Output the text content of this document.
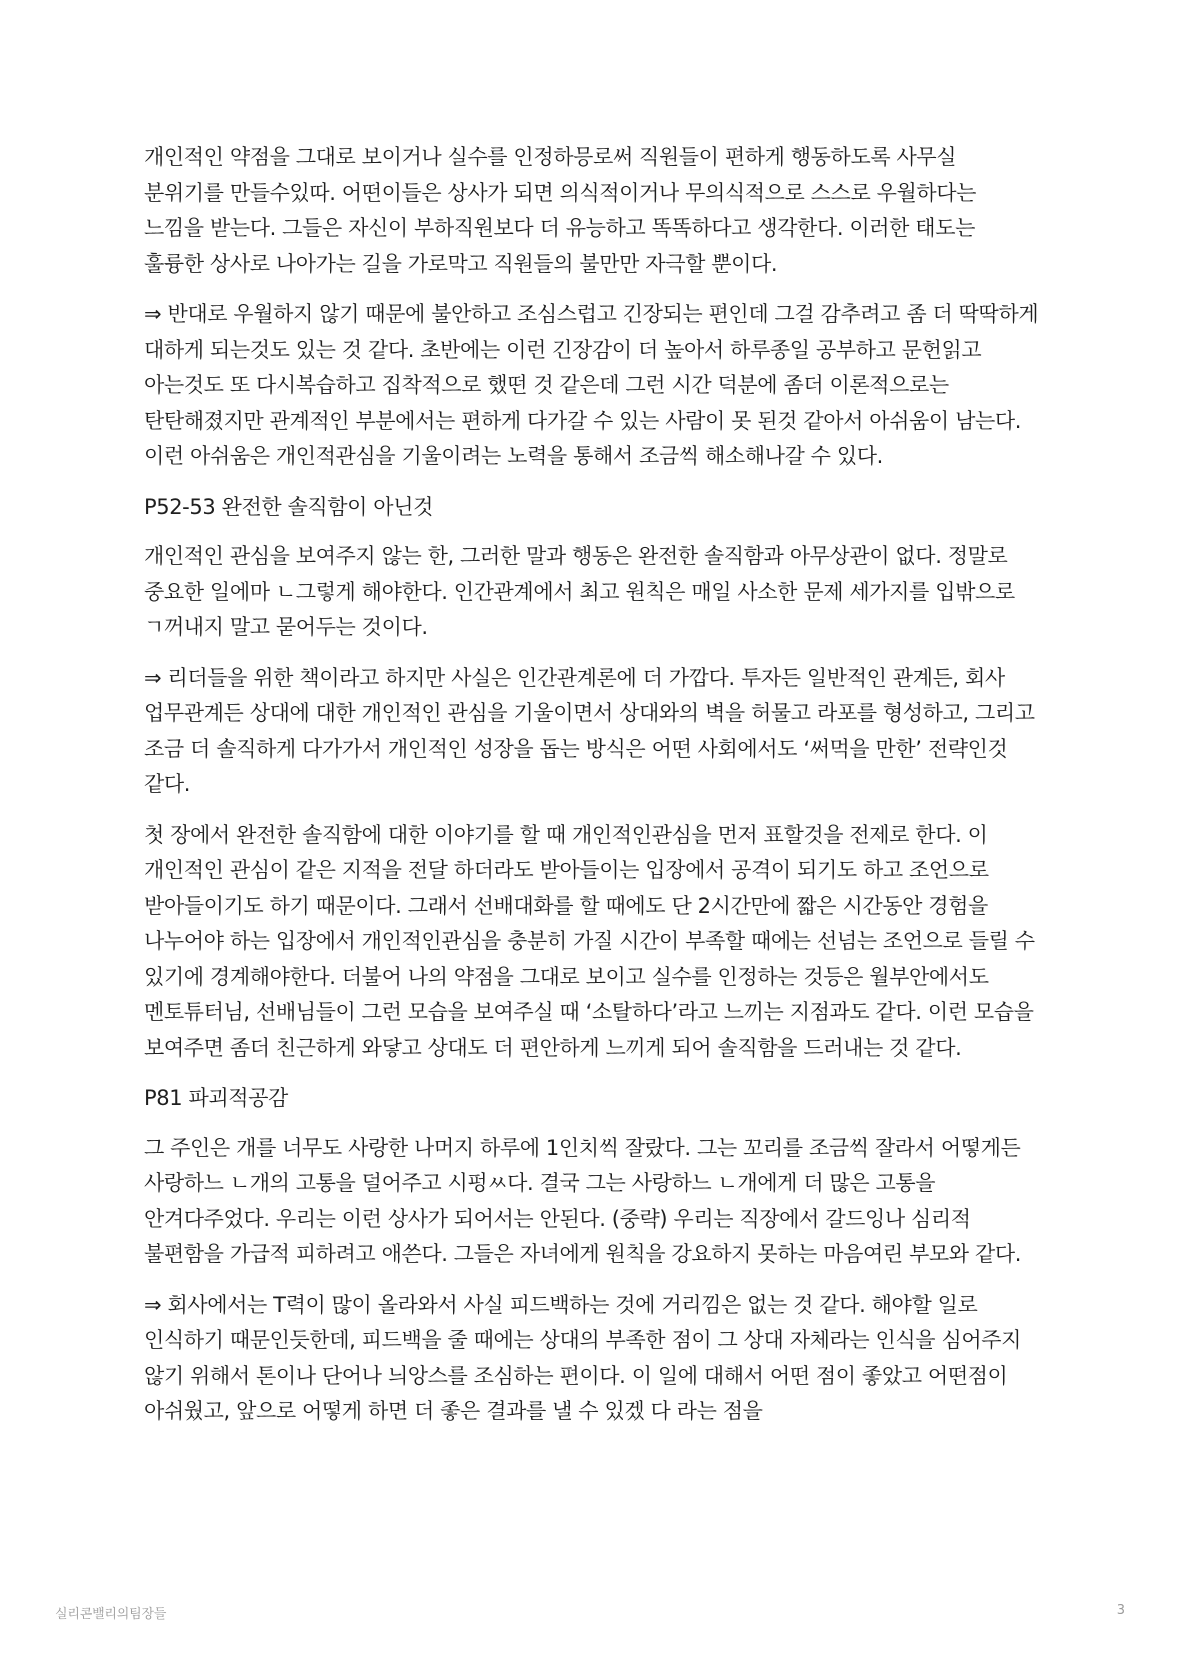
개인적인 약점을 그대로 보이거나 실수를 인정하믕로써 직원들이 편하게 행동하도록 사무실 분위기를 만들수있따. 어떤이들은 상사가 되면 의식적이거나 무의식적으로 스스로 우월하다는 느낌을 받는다. 그들은 자신이 부하직원보다 더 유능하고 똑똑하다고 생각한다. 이러한 태도는 훌륭한 상사로 나아가는 길을 가로막고 직원들의 불만만 자극할 뿐이다.

⇒ 반대로 우월하지 않기 때문에 불안하고 조심스럽고 긴장되는 편인데 그걸 감추려고 좀 더 딱딱하게 대하게 되는것도 있는 것 같다. 초반에는 이런 긴장감이 더 높아서 하루종일 공부하고 문헌읽고 아는것도 또 다시복습하고 집착적으로 했떤 것 같은데 그런 시간 덕분에 좀더 이론적으로는 탄탄해졌지만 관계적인 부분에서는 편하게 다가갈 수 있는 사람이 못 된것 같아서 아쉬움이 남는다. 이런 아쉬움은 개인적관심을 기울이려는 노력을 통해서 조금씩 해소해나갈 수 있다.

P52-53 완전한 솔직함이 아닌것

개인적인 관심을 보여주지 않는 한, 그러한 말과 행동은 완전한 솔직함과 아무상관이 없다. 정말로 중요한 일에마 ㄴ그렇게 해야한다. 인간관계에서 최고 원칙은 매일 사소한 문제 세가지를 입밖으로 ㄱ꺼내지 말고 묻어두는 것이다.

⇒ 리더들을 위한 책이라고 하지만 사실은 인간관계론에 더 가깝다. 투자든 일반적인 관계든, 회사 업무관계든 상대에 대한 개인적인 관심을 기울이면서 상대와의 벽을 허물고 라포를 형성하고, 그리고 조금 더 솔직하게 다가가서 개인적인 성장을 돕는 방식은 어떤 사회에서도 ‘써먹을 만한’ 전략인것 같다.

첫 장에서 완전한 솔직함에 대한 이야기를 할 때 개인적인관심을 먼저 표할것을 전제로 한다. 이 개인적인 관심이 같은 지적을 전달 하더라도 받아들이는 입장에서 공격이 되기도 하고 조언으로 받아들이기도 하기 때문이다. 그래서 선배대화를 할 때에도 단 2시간만에 짧은 시간동안 경험을 나누어야 하는 입장에서 개인적인관심을 충분히 가질 시간이 부족할 때에는 선넘는 조언으로 들릴 수 있기에 경계해야한다. 더불어 나의 약점을 그대로 보이고 실수를 인정하는 것등은 월부안에서도 멘토튜터님, 선배님들이 그런 모습을 보여주실 때 ‘소탈하다’라고 느끼는 지점과도 같다. 이런 모습을 보여주면 좀더 친근하게 와닿고 상대도 더 편안하게 느끼게 되어 솔직함을 드러내는 것 같다.

P81 파괴적공감

그 주인은 개를 너무도 사랑한 나머지 하루에 1인치씩 잘랐다. 그는 꼬리를 조금씩 잘라서 어떻게든 사랑하느 ㄴ개의 고통을 덜어주고 시펑ㅆ다. 결국 그는 사랑하느 ㄴ개에게 더 많은 고통을 안겨다주었다. 우리는 이런 상사가 되어서는 안된다. (중략) 우리는 직장에서 갈드잉나 심리적 불편함을 가급적 피하려고 애쓴다. 그들은 자녀에게 원칙을 강요하지 못하는 마음여린 부모와 같다.

⇒ 회사에서는 T력이 많이 올라와서 사실 피드백하는 것에 거리낌은 없는 것 같다. 해야할 일로 인식하기 때문인듯한데, 피드백을 줄 때에는 상대의 부족한 점이 그 상대 자체라는 인식을 심어주지 않기 위해서 톤이나 단어나 늬앙스를 조심하는 편이다. 이 일에 대해서 어떤 점이 좋았고 어떤점이 아쉬웠고, 앞으로 어떻게 하면 더 좋은 결과를 낼 수 있겠 다 라는 점을

실리콘밸리의팀장들	3
